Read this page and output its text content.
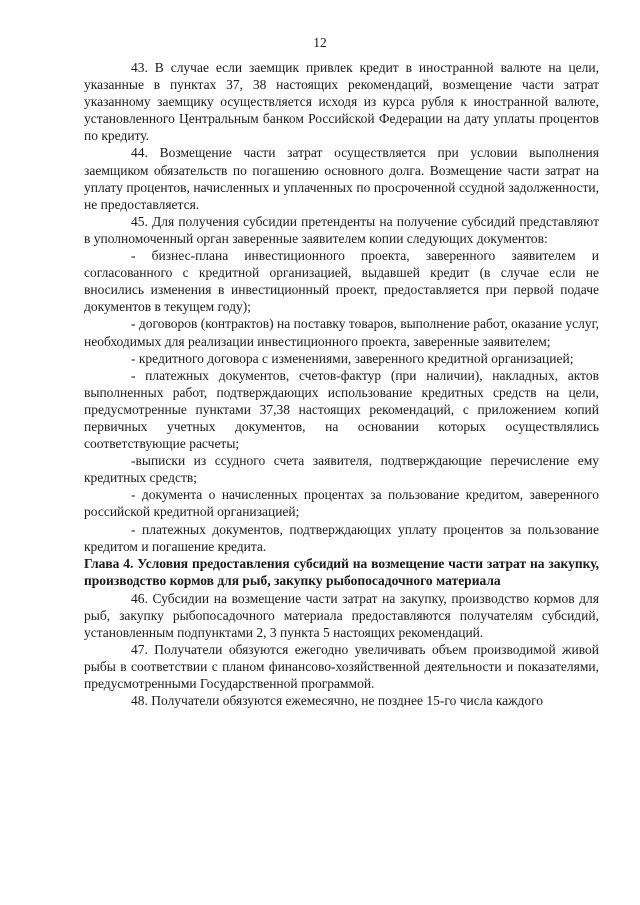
12

43. В случае если заемщик привлек кредит в иностранной валюте на цели, указанные в пунктах 37, 38 настоящих рекомендаций, возмещение части затрат указанному заемщику осуществляется исходя из курса рубля к иностранной валюте, установленного Центральным банком Российской Федерации на дату уплаты процентов по кредиту.

44. Возмещение части затрат осуществляется при условии выполнения заемщиком обязательств по погашению основного долга. Возмещение части затрат на уплату процентов, начисленных и уплаченных по просроченной ссудной задолженности, не предоставляется.

45. Для получения субсидии претенденты на получение субсидий представляют в уполномоченный орган заверенные заявителем копии следующих документов:

- бизнес-плана инвестиционного проекта, заверенного заявителем и согласованного с кредитной организацией, выдавшей кредит (в случае если не вносились изменения в инвестиционный проект, предоставляется при первой подаче документов в текущем году);

- договоров (контрактов) на поставку товаров, выполнение работ, оказание услуг, необходимых для реализации инвестиционного проекта, заверенные заявителем;

- кредитного договора с изменениями, заверенного кредитной организацией;

- платежных документов, счетов-фактур (при наличии), накладных, актов выполненных работ, подтверждающих использование кредитных средств на цели, предусмотренные пунктами 37,38 настоящих рекомендаций, с приложением копий первичных учетных документов, на основании которых осуществлялись соответствующие расчеты;

-выписки из ссудного счета заявителя, подтверждающие перечисление ему кредитных средств;

- документа о начисленных процентах за пользование кредитом, заверенного российской кредитной организацией;

- платежных документов, подтверждающих уплату процентов за пользование кредитом и погашение кредита.

Глава 4. Условия предоставления субсидий на возмещение части затрат на закупку, производство кормов для рыб, закупку рыбопосадочного материала

46. Субсидии на возмещение части затрат на закупку, производство кормов для рыб, закупку рыбопосадочного материала предоставляются получателям субсидий, установленным подпунктами 2, 3 пункта 5 настоящих рекомендаций.

47. Получатели обязуются ежегодно увеличивать объем производимой живой рыбы в соответствии с планом финансово-хозяйственной деятельности и показателями, предусмотренными Государственной программой.

48. Получатели обязуются ежемесячно, не позднее 15-го числа каждого
